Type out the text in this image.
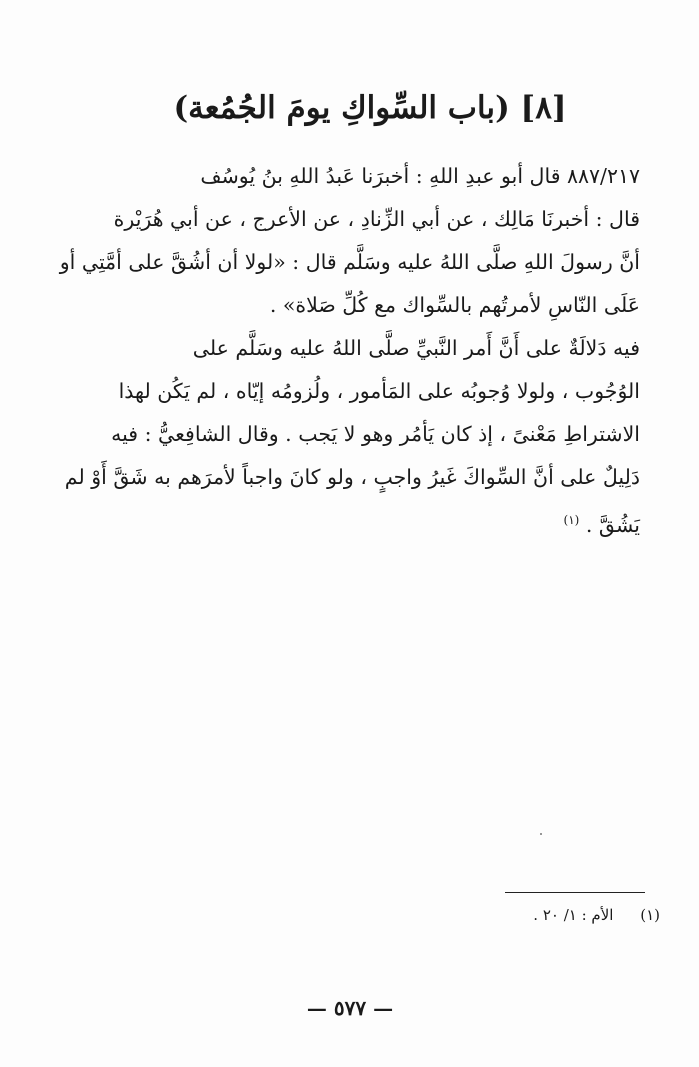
[٨] (باب السِّواكِ يومَ الجُمُعة)
٨٨٧/٢١٧ قال أبو عبدِ اللهِ : أخبرَنا عَبدُ اللهِ بنُ يُوسُف
قال : أخبرنَا مَالِك ، عن أبي الزِّنادِ ، عن الأعرج ، عن أبي هُرَيْرة
أنَّ رسولَ اللهِ صلَّى اللهُ عليه وسَلَّم قال : «لولا أن أشُقَّ على أمَّتِي أو
عَلَى النّاسِ لأمرتُهم بالسِّواك مع كُلِّ صَلاة» .
فيه دَلالَةٌ على أَنَّ أَمر النَّبيِّ صلَّى اللهُ عليه وسَلَّم على
الوُجُوب ، ولولا وُجوبُه على المَأمور ، ولُزومُه إيّاه ، لم يَكُن لهذا
الاشتراطِ مَعْنىً ، إذ كان يَأمُر وهو لا يَجب . وقال الشافِعيُّ : فيه
دَلِيلٌ على أنَّ السِّواكَ غَيرُ واجبٍ ، ولو كانَ واجباً لأمرَهم به شَقَّ أَوْ لم
يَشُقَّ . $^{(١)}$
(١) الأم : ١/ ٢٠ .
— ٥٧٧ —
